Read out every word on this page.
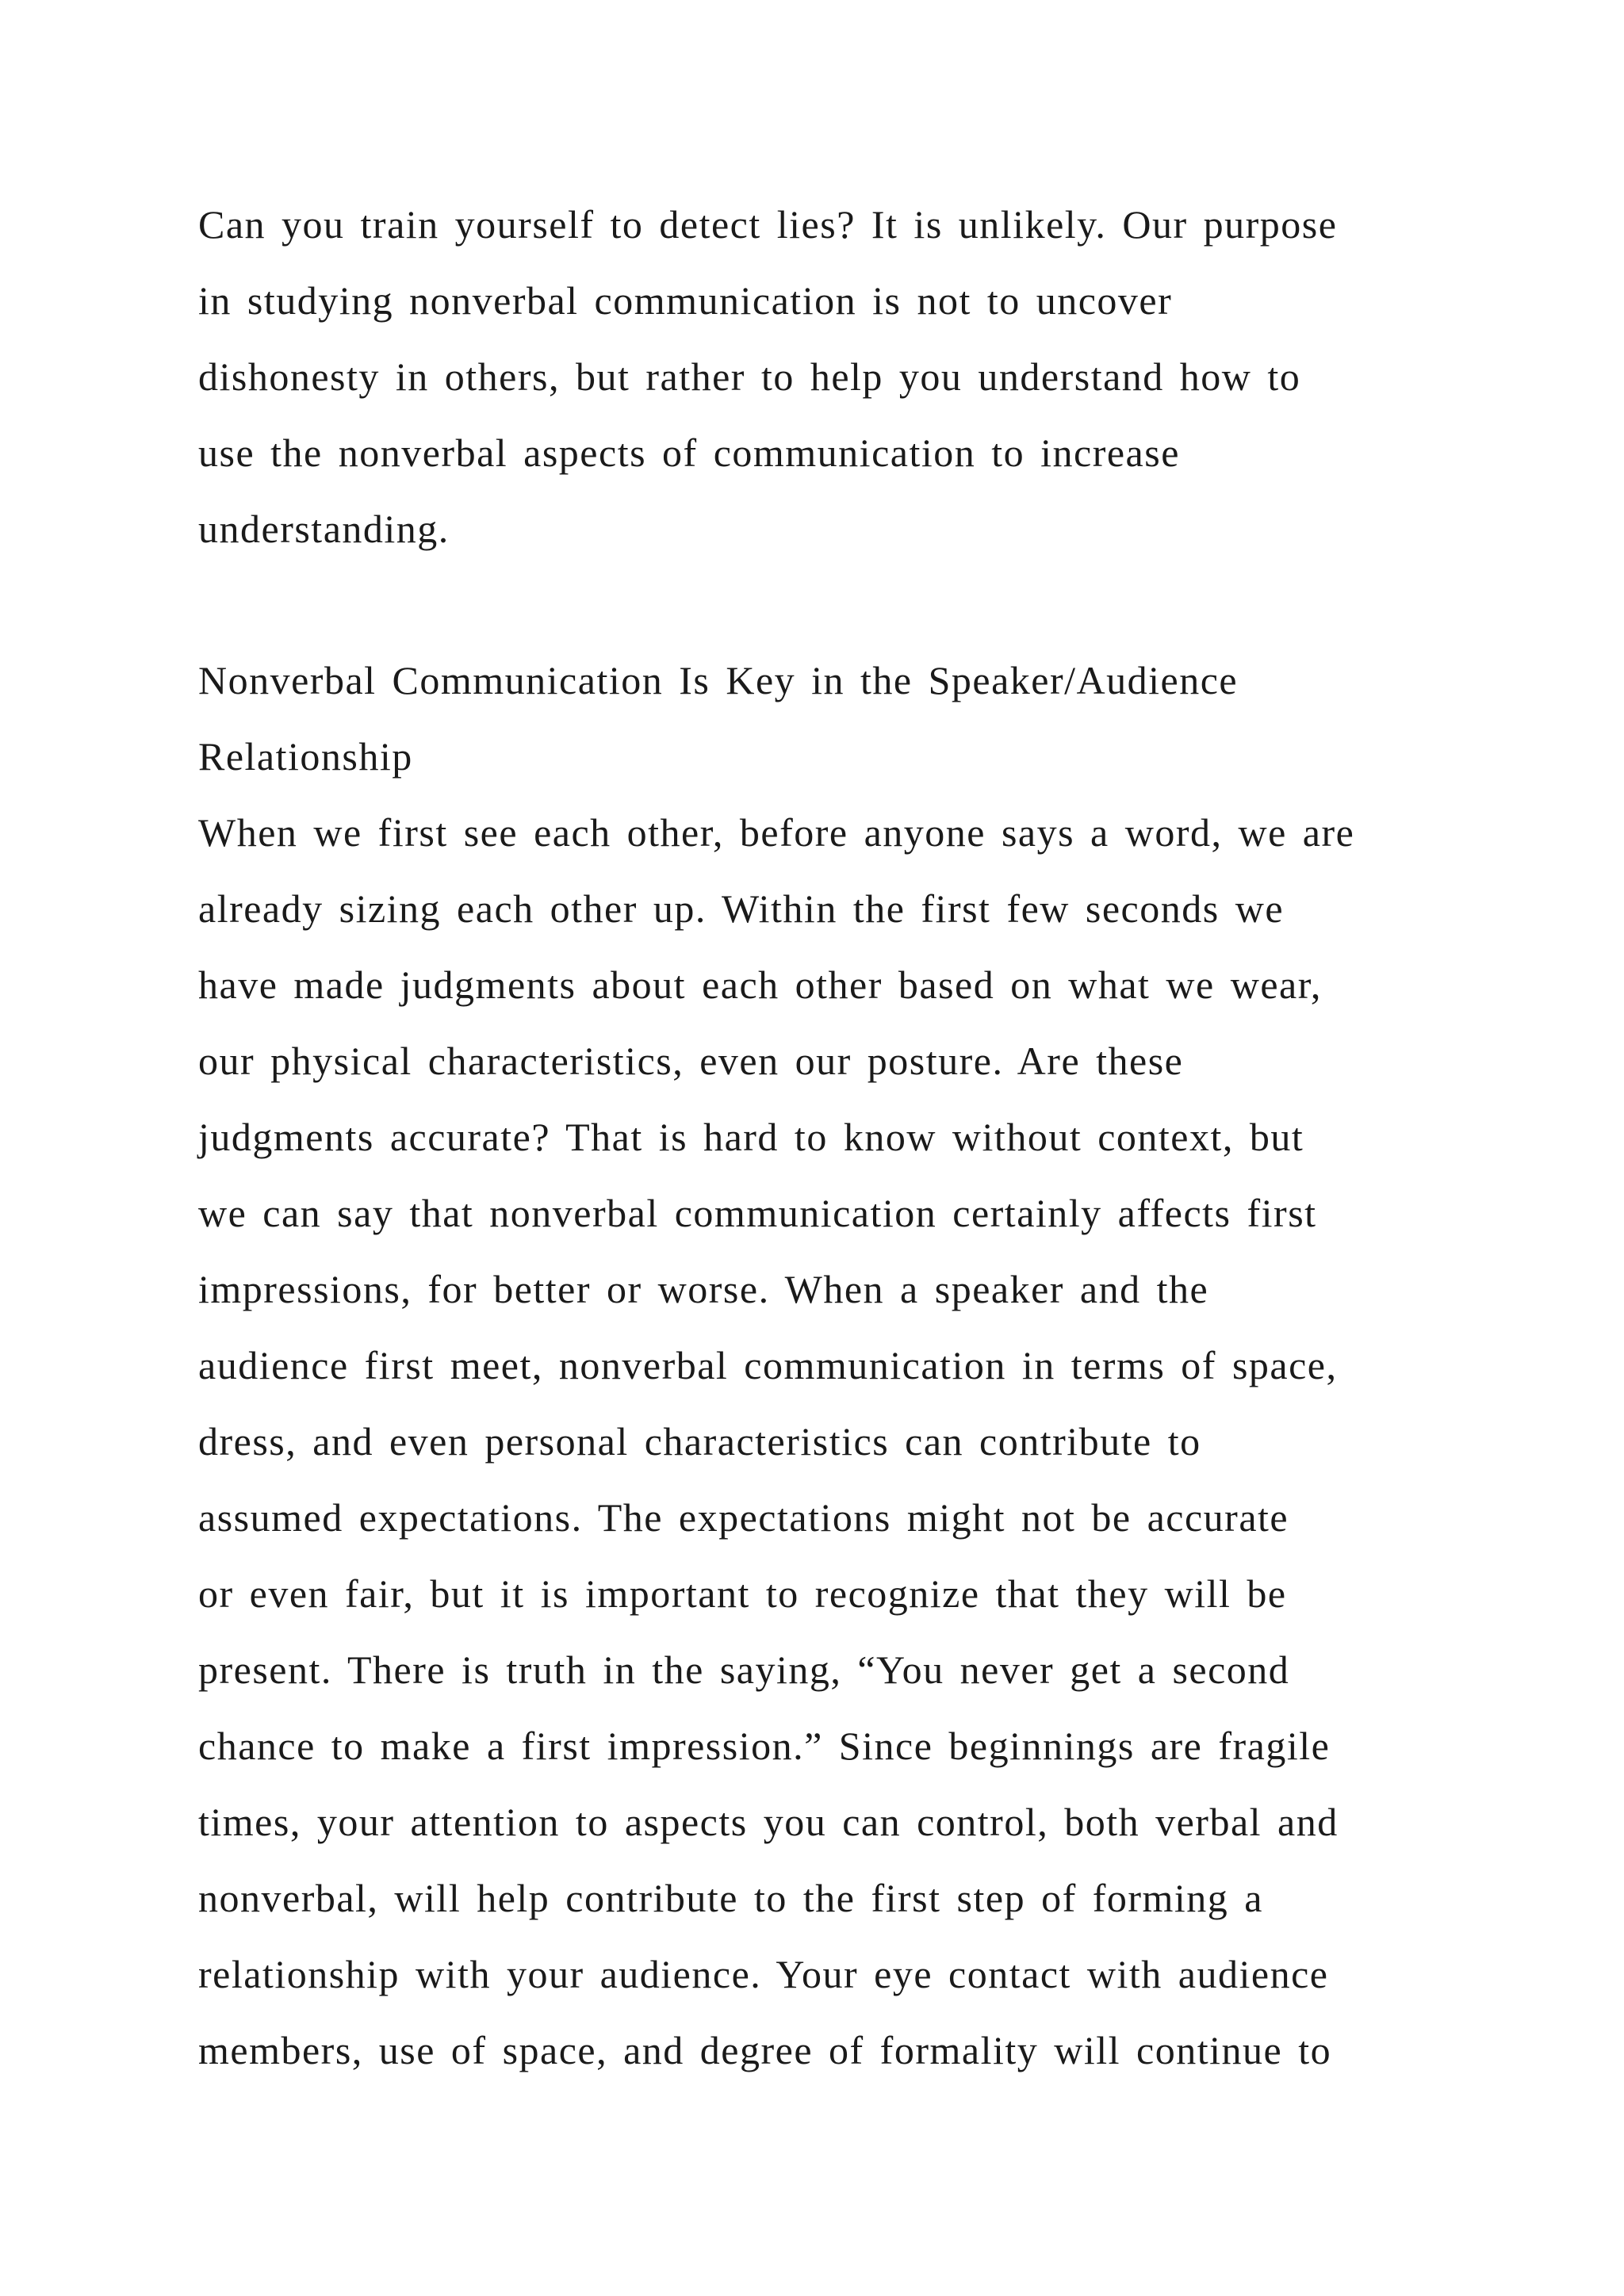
Can you train yourself to detect lies? It is unlikely. Our purpose
in studying nonverbal communication is not to uncover
dishonesty in others, but rather to help you understand how to
use the nonverbal aspects of communication to increase
understanding.
Nonverbal Communication Is Key in the Speaker/Audience
Relationship
When we first see each other, before anyone says a word, we are
already sizing each other up. Within the first few seconds we
have made judgments about each other based on what we wear,
our physical characteristics, even our posture. Are these
judgments accurate? That is hard to know without context, but
we can say that nonverbal communication certainly affects first
impressions, for better or worse. When a speaker and the
audience first meet, nonverbal communication in terms of space,
dress, and even personal characteristics can contribute to
assumed expectations. The expectations might not be accurate
or even fair, but it is important to recognize that they will be
present. There is truth in the saying, “You never get a second
chance to make a first impression.” Since beginnings are fragile
times, your attention to aspects you can control, both verbal and
nonverbal, will help contribute to the first step of forming a
relationship with your audience. Your eye contact with audience
members, use of space, and degree of formality will continue to
